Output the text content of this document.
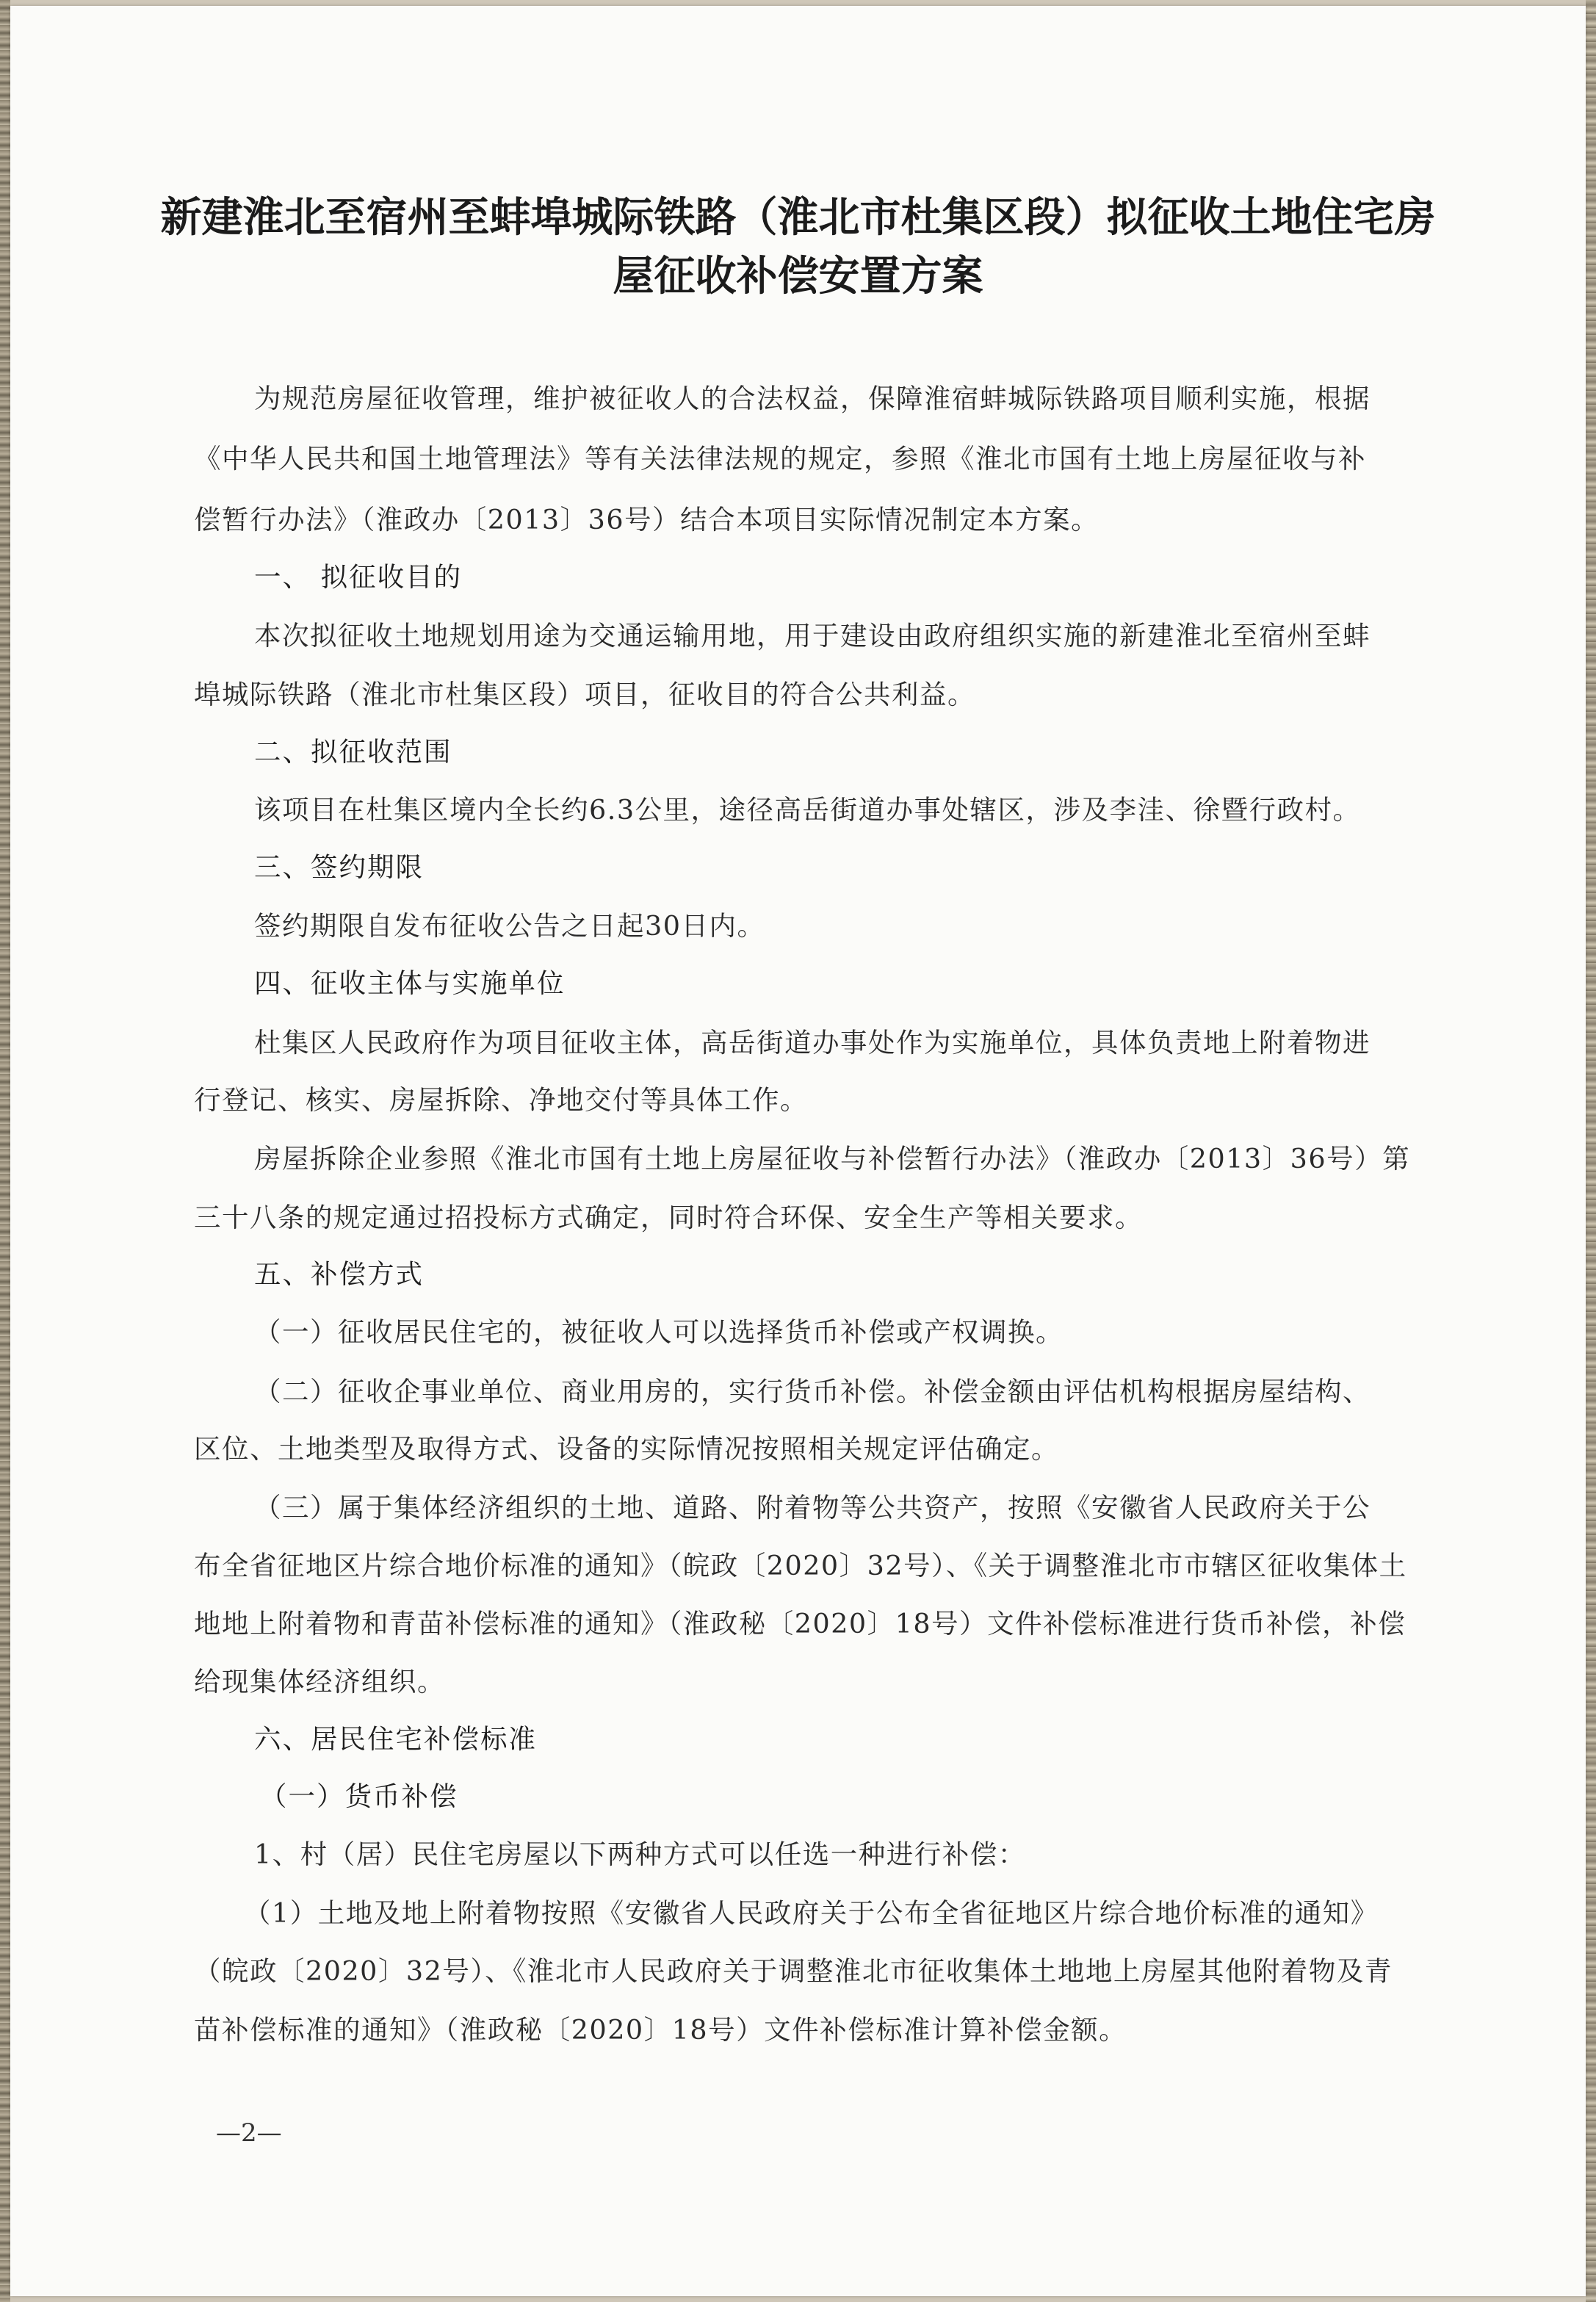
新建淮北至宿州至蚌埠城际铁路（淮北市杜集区段）拟征收土地住宅房
屋征收补偿安置方案

为规范房屋征收管理，维护被征收人的合法权益，保障淮宿蚌城际铁路项目顺利实施，根据

《中华人民共和国土地管理法》等有关法律法规的规定，参照《淮北市国有土地上房屋征收与补

偿暂行办法》（淮政办〔2013〕36号）结合本项目实际情况制定本方案。

一、 拟征收目的

本次拟征收土地规划用途为交通运输用地，用于建设由政府组织实施的新建淮北至宿州至蚌

埠城际铁路（淮北市杜集区段）项目，征收目的符合公共利益。

二、拟征收范围

该项目在杜集区境内全长约6.3公里，途径高岳街道办事处辖区，涉及李洼、徐暨行政村。

三、签约期限

签约期限自发布征收公告之日起30日内。

四、征收主体与实施单位

杜集区人民政府作为项目征收主体，高岳街道办事处作为实施单位，具体负责地上附着物进

行登记、核实、房屋拆除、净地交付等具体工作。

房屋拆除企业参照《淮北市国有土地上房屋征收与补偿暂行办法》（淮政办〔2013〕36号）第

三十八条的规定通过招投标方式确定，同时符合环保、安全生产等相关要求。

五、补偿方式

（一）征收居民住宅的，被征收人可以选择货币补偿或产权调换。

（二）征收企事业单位、商业用房的，实行货币补偿。补偿金额由评估机构根据房屋结构、

区位、土地类型及取得方式、设备的实际情况按照相关规定评估确定。

（三）属于集体经济组织的土地、道路、附着物等公共资产，按照《安徽省人民政府关于公

布全省征地区片综合地价标准的通知》（皖政〔2020〕32号）、《关于调整淮北市市辖区征收集体土

地地上附着物和青苗补偿标准的通知》（淮政秘〔2020〕18号）文件补偿标准进行货币补偿，补偿

给现集体经济组织。

六、居民住宅补偿标准

（一）货币补偿

1、村（居）民住宅房屋以下两种方式可以任选一种进行补偿：

（1）土地及地上附着物按照《安徽省人民政府关于公布全省征地区片综合地价标准的通知》

（皖政〔2020〕32号）、《淮北市人民政府关于调整淮北市征收集体土地地上房屋其他附着物及青

苗补偿标准的通知》（淮政秘〔2020〕18号）文件补偿标准计算补偿金额。

—2—
